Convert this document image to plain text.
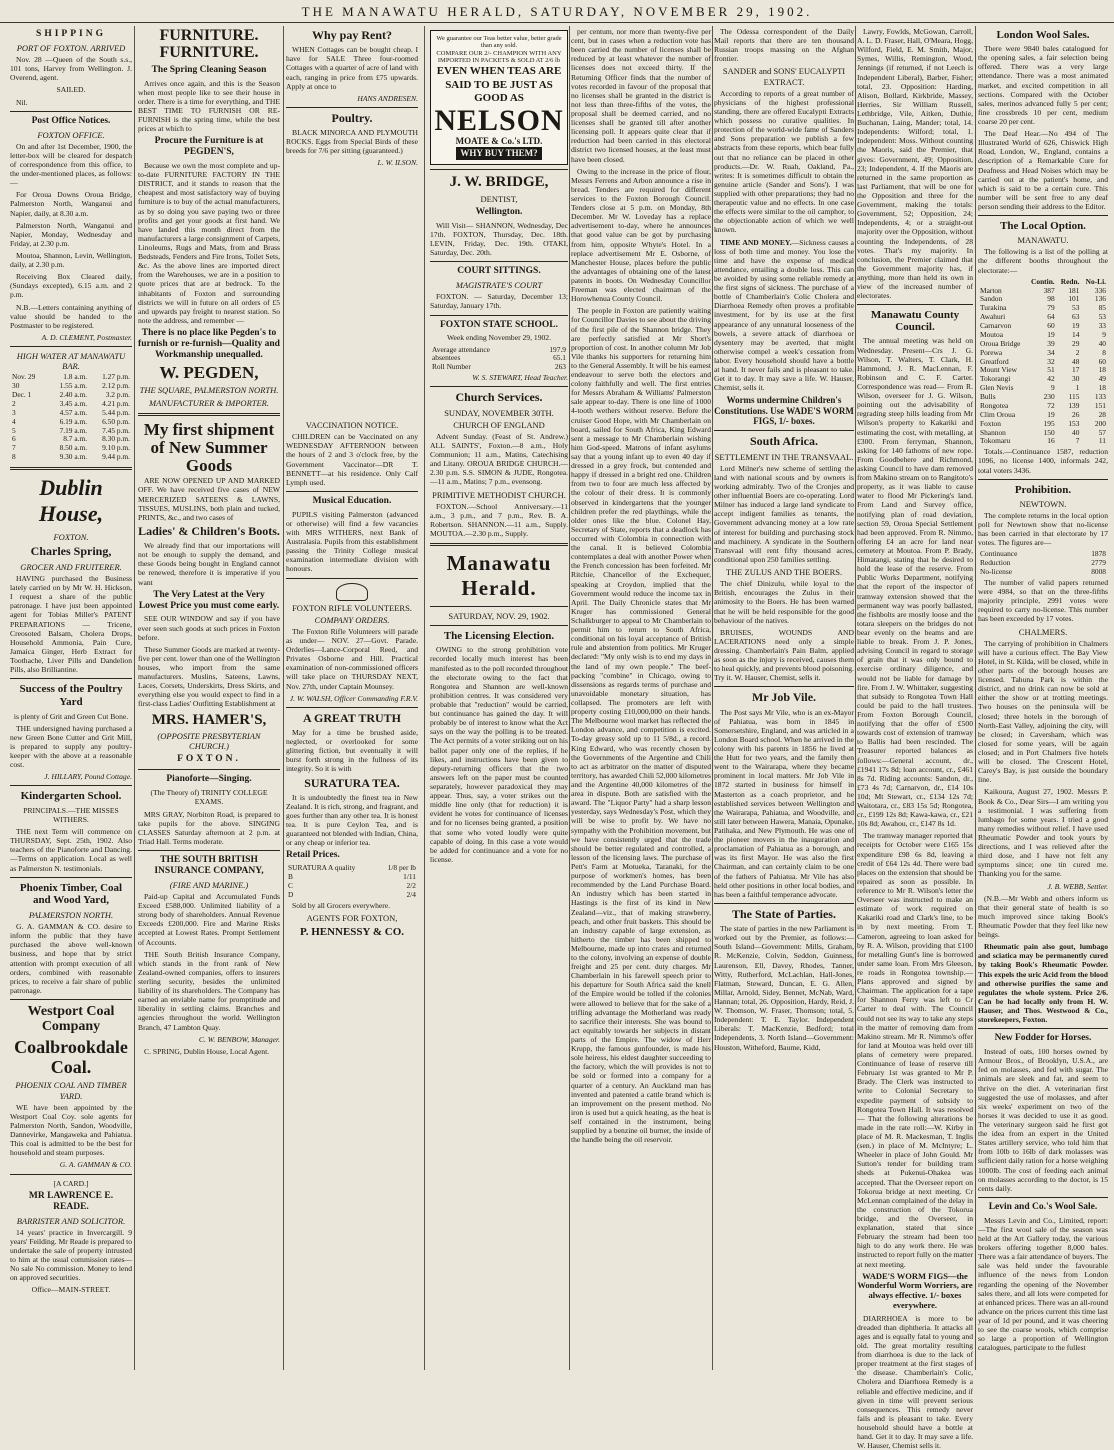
THE MANAWATU HERALD, SATURDAY, NOVEMBER 29, 1902.
SHIPPING
PORT OF FOXTON. ARRIVED

Nov. 28 —Queen of the South s.s., 101 tons, Harvey from Wellington. J. Overend, agent.

SAILED.

Nil.

Post Office Notices.
FOXTON OFFICE.

On and after 1st December, 1900, the letter-box will be cleared for despatch of correspondence from this office, to the under-mentioned places, as follows:—

For Oroua Downs Oroua Bridge, Palmerston North, Wanganui and Napier, daily, at 8.30 a.m.

Palmerston North, Wanganui and Napier, Monday, Wednesday and Friday, at 2.30 p.m.

Moutoa, Shannon, Levin, Wellington, daily, at 2.30 p.m.

Receiving Box Cleared daily, (Sundays excepted), 6.15 a.m. and 2 p.m.

N.B.—Letters containing anything of value should be handed to the Postmaster to be registered.

A. D. CLEMENT, Postmaster.
HIGH WATER AT MANAWATU BAR.
Nov. 29	1.8 a.m.	1.27 p.m.
30	1.55 a.m.	2.12 p.m.
Dec. 1	2.40 a.m.	3.2 p.m.
2	3.45 a.m.	4.21 p.m.
3	4.57 a.m.	5.44 p.m.
4	6.19 a.m.	6.50 p.m.
5	7.19 a.m.	7.45 p.m.
6	8.7 a.m.	8.30 p.m.
7	8.50 a.m.	9.10 p.m.
8	9.30 a.m.	9.44 p.m.
Dublin House,
FOXTON.
Charles Spring,
GROCER AND FRUITERER.

HAVING purchased the Business lately carried on by Mr W. H. Hickson, I request a share of the public patronage. I have just been appointed agent for Tobias Miller's PATENT PREPARATIONS — Tricene, Creosoted Balsam, Cholera Drops, Household Ammonia, Pain Cure, Jamaica Ginger, Herb Extract for Toothache, Liver Pills and Dandelion Pills, also Brilliantine.

Success of the Poultry Yard

is plenty of Grit and Green Cut Bone.

THE undersigned having purchased a new Green Bone Cutter and Grit Mill, is prepared to supply any poultry-keeper with the above at a reasonable cost.

J. HILLARY, Pound Cottage.
Kindergarten School.

PRINCIPALS.—THE MISSES WITHERS.

THE next Term will commence on THURSDAY, Sept. 25th, 1902. Also teachers of the Pianoforte and Dancing.—Terms on application. Local as well as Palmerston N. testimonials.

Phoenix Timber, Coal and Wood Yard,
PALMERSTON NORTH.

G. A. GAMMAN & CO. desire to inform the public that they have purchased the above well-known business, and hope that by strict attention with prompt execution of all orders, combined with reasonable prices, to receive a fair share of public patronage.

Westport Coal Company
Coalbrookdale Coal.
PHOENIX COAL AND TIMBER YARD.

WE have been appointed by the Westport Coal Coy. sole agents for Palmerston North, Sandon, Woodville, Dannevirke, Mangaweka and Pahiatua. This coal is admitted to be the best for household and steam purposes.

G. A. GAMMAN & CO.

[A CARD.]

MR LAWRENCE E. READE.
BARRISTER AND SOLICITOR.

14 years' practice in Invercargill. 9 years' Feilding. Mr Reade is prepared to undertake the sale of property intrusted to him at the usual commission rates—No sale No commission. Money to lend on approved securities.

Office—MAIN-STREET.

FURNITURE. FURNITURE.
The Spring Cleaning Season

Arrives once again, and this is the Season when most people like to see their house in order. There is a time for everything, and THE BEST TIME TO FURNISH OR RE-FURNISH is the spring time, while the best prices at which to

Procure the Furniture is at PEGDEN'S,

Because we own the most complete and up-to-date FURNITURE FACTORY IN THE DISTRICT, and it stands to reason that the cheapest and most satisfactory way of buying furniture is to buy of the actual manufacturers, as by so doing you save paying two or three profits and get your goods at first hand. We have landed this month direct from the manufacturers a large consignment of Carpets, Linoleums, Rugs and Mats, from and Brass Bedsteads, Fenders and Fire Irons, Toilet Sets, &c. As the above lines are imported direct from the Warehouses, we are in a position to quote prices that are at bedrock. To the inhabitants of Foxton and surrounding districts we will in future on all orders of £5 and upwards pay freight to nearest station. So note the address, and remember —

There is no place like Pegden's to furnish or re-furnish—Quality and Workmanship unequalled.
W. PEGDEN,
THE SQUARE, PALMERSTON NORTH.
MANUFACTURER & IMPORTER.
My first shipment of New Summer Goods

ARE NOW OPENED UP AND MARKED OFF. We have received five cases of NEW MERCERIZED SATEENS & LAWNS, TISSUES, MUSLINS, both plain and tucked, PRINTS, &c., and two cases of

Ladies' & Children's Boots.

We already find that our importations will not be enough to supply the demand, and these Goods being bought in England cannot be renewed, therefore it is imperative if you want

The Very Latest at the Very Lowest Price you must come early.

SEE OUR WINDOW and say if you have ever seen such goods at such prices in Foxton before.

These Summer Goods are marked at twenty-five per cent. lower than one of the Wellington houses, who import from the same manufacturers. Muslins, Sateens, Lawns, Laces, Corsets, Underskirts, Dress Skirts, and everything else you would expect to find in a first-class Ladies' Outfitting Establishment at

MRS. HAMER'S,
(OPPOSITE PRESBYTERIAN CHURCH.)
FOXTON.
Pianoforte—Singing.

(The Theory of) TRINITY COLLEGE EXAMS.

MRS GRAY, Norbiton Road, is prepared to take pupils for the above. SINGING CLASSES Saturday afternoon at 2 p.m. at Triad Hall. Terms moderate.

THE SOUTH BRITISH INSURANCE COMPANY,
(FIRE AND MARINE.)

Paid-up Capital and Accumulated Funds Exceed £588,000. Unlimited liability of a strong body of shareholders. Annual Revenue Exceeds £200,000. Fire and Marine Risks accepted at Lowest Rates. Prompt Settlement of Accounts.

THE South British Insurance Company, which stands in the front rank of New Zealand-owned companies, offers to insurers sterling security, besides the unlimited liability of its shareholders. The Company has earned an enviable name for promptitude and liberality in settling claims. Branches and agencies throughout the world. Wellington Branch, 47 Lambton Quay.

C. W. BENBOW, Manager.

C. SPRING, Dublin House, Local Agent.

VACCINATION NOTICE.

CHILDREN can be Vaccinated on any WEDNESDAY AFTERNOON between the hours of 2 and 3 o'clock free, by the Government Vaccinator—DR T. BENNETT—at his residence. Only Calf Lymph used.

Musical Education.

PUPILS visiting Palmerston (advanced or otherwise) will find a few vacancies with MRS WITHERS, next Bank of Australasia. Pupils from this establishment passing the Trinity College musical examination intermediate division with honours.

FOXTON RIFLE VOLUNTEERS.
COMPANY ORDERS.

The Foxton Rifle Volunteers will parade as under— NOV. 27—Govt. Parade. Orderlies—Lance-Corporal Reed, and Privates Osborne and Hill. Practical examination of non-commissioned officers will take place on THURSDAY NEXT, Nov. 27th, under Captain Mounsey.

J. W. WALSH, Officer Commanding F.R.V.
A GREAT TRUTH

May for a time be brushed aside, neglected, or overlooked for some glittering fiction, but eventually it will burst forth strong in the fullness of its integrity. So it is with

SURATURA TEA.

It is undoubtedly the finest tea in New Zealand. It is rich, strong, and fragrant, and goes further than any other tea. It is honest tea. It is pure Ceylon Tea, and is guaranteed not blended with Indian, China, or any cheap or inferior tea.

Retail Prices.
SURATURA A quality	1/8 per lb
B	1/11
C	2/2
D	2/4

Sold by all Grocers everywhere.

AGENTS FOR FOXTON,
P. HENNESSY & CO.
We guarantee our Teas better value, better grade than any sold.
COMPARE OUR 2/- CHAMPION WITH ANY IMPORTED IN PACKETS & SOLD AT 2/6 lb
EVEN WHEN TEAS ARE SAID TO BE JUST AS GOOD AS
NELSON
MOATE & Co.'s LTD.
WHY BUY THEM?
J. W. BRIDGE,
DENTIST,
Wellington.

Will Visit— SHANNON, Wednesday, Dec 17th. FOXTON, Thursday, Dec. 18th. LEVIN, Friday, Dec. 19th. OTAKI, Saturday, Dec. 20th.

COURT SITTINGS.
MAGISTRATE'S COURT

FOXTON. — Saturday, December 13; Saturday, January 17th.

FOXTON STATE SCHOOL.

Week ending November 29, 1902.

Average attendance	197.9
absentees	65.1
Roll Number	263
W. S. STEWART, Head Teacher.
Church Services.
SUNDAY, NOVEMBER 30TH.
CHURCH OF ENGLAND

Advent Sunday. (Feast of St. Andrew.) ALL SAINTS', Foxton.—8 a.m., Holy Communion; 11 a.m., Matins, Catechising and Litany. OROUA BRIDGE CHURCH.—2.30 p.m. S.S. SIMON & JUDE, Rongotea.—11 a.m., Matins; 7 p.m., evensong.

PRIMITIVE METHODIST CHURCH.

FOXTON.—School Anniversary.—11 a.m., 3 p.m., and 7 p.m., Rev. B. A. Robertson. SHANNON.—11 a.m., Supply. MOUTOA.—2.30 p.m., Supply.

Manawatu Herald.
SATURDAY, NOV. 29, 1902.
The Licensing Election.

OWING to the strong prohibition vote recorded locally much interest has been manifested as to the poll recorded throughout the electorate owing to the fact that Rongotea and Shannon are well-known prohibition centres. It was considered very probable that "reduction" would be carried, but continuance has gained the day. It will probably be of interest to know what the Act says on the way the polling is to be treated. The Act permits of a voter striking out on his ballot paper only one of the replies, if he likes, and instructions have been given to deputy-returning officers that the two answers left on the paper must be counted separately, however paradoxical they may appear. Thus, say, a voter strikes out the middle line only (that for reduction) it is evident he votes for continuance of licenses and for no licenses being granted, a position that some who voted loudly were quite capable of doing. In this case a vote would be added for continuance and a vote for no license.

per centum, nor more than twenty-five per cent, but in cases when a reduction vote has been carried the number of licenses shall be reduced by at least whatever the number of licenses does not exceed thirty. If the Returning Officer finds that the number of votes recorded in favour of the proposal that no licenses shall be granted in the district is not less than three-fifths of the votes, the proposal shall be deemed carried, and no licenses shall be granted till after another licensing poll. It appears quite clear that if reduction had been carried in this electoral district two licensed houses, at the least must have been closed.

Owing to the increase in the price of flour, Messrs Ferrens and Arbon announce a rise in bread. Tenders are required for different services to the Foxton Borough Council. Tenders close at 5 p.m. on Monday, 8th December. Mr W. Loveday has a replace advertisement to-day, where he announces that good value can be got by purchasing from him, opposite Whyte's Hotel. In a replace advertisement Mr E. Osborne, of Manchester House, places before the public the advantages of obtaining one of the latest patents in boots. On Wednesday Councillor Freeman was elected chairman of the Horowhenua County Council.

The people in Foxton are patiently waiting for Councillor Davies to see about the driving of the first pile of the Shannon bridge. They are perfectly satisfied at Mr Short's proportion of cost. In another column Mr Job Vile thanks his supporters for returning him to the General Assembly. It will be his earnest endeavour to serve both the electors and colony faithfully and well. The first entries for Messrs Abraham & Williams' Palmerston sale appear to-day. There is one line of 1000 4-tooth wethers without reserve. Before the cruiser Good Hope, with Mr Chamberlain on board, sailed for South Africa, King Edward sent a message to Mr Chamberlain wishing him God-speed. Matrons of infant asylums say that a young infant up to even 40 day if dressed in a grey frock, but contended and happy if dressed in a bright red one. Children from two to four are much less affected by the colour of their dress. It is commonly observed in kindergartens that the younger children prefer the red playthings, while the older ones like the blue. Colonel Hay, Secretary of State, reports that a deadlock has occurred with Colombia in connection with the canal. It is believed Colombia contemplates a deal with another Power when the French concession has been forfeited. Mr Ritchie, Chancellor of the Exchequer, speaking at Croydon, implied that the Government would reduce the income tax in April. The Daily Chronicle states that Mr Kruger has commissioned General Schalkburger to appeal to Mr Chamberlain to permit him to return to South Africa, conditional on his loyal acceptance of British rule and abstention from politics. Mr Kruger declared: "My only wish is to end my days in the land of my own people." The beef-packing "combine" in Chicago, owing to dissensions as regards terms of purchase and unavoidable monetary situation, has collapsed. The promoters are left with property costing £10,000,000 on their hands. The Melbourne wool market has reflected the London advance, and competition is excited. To-day greasy sold up to 11 5/8d., a record. King Edward, who was recently chosen by the Governments of the Argentine and Chili to act as arbitrator on the matter of disputed territory, has awarded Chili 52,000 kilometres and the Argentine 40,000 kilometres of the area in dispute. Both are satisfied with the award. The "Liquor Party" had a sharp lesson yesterday, says Wednesday's Post, which they will be wise to profit by. We have no sympathy with the Prohibition movement, but we have consistently urged that the trade should be better regulated and controlled, a lesson of the licensing laws. The purchase of Pett's Farm at Motueka, Taranaki, for the purpose of workmen's homes, has been recommended by the Land Purchase Board. An industry which has been started in Hastings is the first of its kind in New Zealand—viz., that of making strawberry, peach, and other fruit baskets. This should be an industry capable of large extension, as hitherto the timber has been shipped to Melbourne, made up into crates and returned to the colony, involving an expense of double freight and 25 per cent. duty charges. Mr Chamberlain in his farewell speech prior to his departure for South Africa said the knell of the Empire would be tolled if the colonies were allowed to believe that for the sake of a trifling advantage the Motherland was ready to sacrifice their interests. She was bound to act equitably towards her subjects in distant parts of the Empire. The widow of Herr Krupp, the famous gunfounder, is made his sole heiress, his eldest daughter succeeding to the factory, which the will provides is not to be sold or formed into a company for a quarter of a century. An Auckland man has invented and patented a cattle brand which is an improvement on the present method. No iron is used but a quick heating, as the heat is self contained in the instrument, being supplied by a benzine oil burner, the inside of the handle being the oil reservoir.

The Odessa correspondent of the Daily Mail reports that there are ten thousand Russian troops massing on the Afghan frontier.

SANDER and SONS' EUCALYPTI EXTRACT.

According to reports of a great number of physicians of the highest professional standing, there are offered Eucalypti Extracts which possess no curative qualities. In protection of the world-wide fame of Sanders and Sons preparation we publish a few abstracts from these reports, which bear fully out that no reliance can be placed in other products.—Dr. W. Ruah, Oakland, Pa., writes: It is sometimes difficult to obtain the genuine article (Sander and Sons'). I was supplied with other preparations; they had no therapeutic value and no effects. In one case the effects were similar to the oil camphor, to the objectionable action of which we well known.

TIME AND MONEY.—Sickness causes a loss of both time and money. You lose the time and have the expense of medical attendance, entailing a double loss. This can be avoided by using some reliable remedy at the first signs of sickness. The purchase of a bottle of Chamberlain's Colic Cholera and Diarrhoea Remedy often proves a profitable investment, for by its use at the first appearance of any unnatural looseness of the bowels, a severe attack of diarrhoea or dysentery may be averted, that might otherwise compel a week's cessation from labor. Every household should have a bottle at hand. It never fails and is pleasant to take. Get it to day. It may save a life. W. Hauser, Chemist, sells it.

Worms undermine Children's Constitutions. Use WADE'S WORM FIGS, 1/- boxes.
South Africa.
SETTLEMENT IN THE TRANSVAAL.

Lord Milner's new scheme of settling the land with national scouts and by owners is working admirably. Two of the Cronjes and other influential Boers are co-operating. Lord Milner has induced a large land syndicate to accept indigent families as tenants, the Government advancing money at a low rate of interest for building and purchasing stock and machinery. A syndicate in the Southern Transvaal will rent fifty thousand acres, conditional upon 250 families settling.

THE ZULUS AND THE BOERS.

The chief Dinizulu, while loyal to the British, encourages the Zulus in their animosity to the Boers. He has been warned that he will be held responsible for the good behaviour of the natives.

BRUISES, WOUNDS AND LACERATIONS need only a simple dressing. Chamberlain's Pain Balm, applied as soon as the injury is received, causes them to heal quickly, and prevents blood poisoning. Try it. W. Hauser, Chemist, sells it.

Mr Job Vile.

The Post says Mr Vile, who is an ex-Mayor of Pahiatua, was born in 1845 in Somersetshire, England, and was articled in a London Board school. When he arrived in the colony with his parents in 1856 he lived at the Hutt for two years, and the family then went to the Wairarapa, where they became prominent in local matters. Mr Job Vile in 1872 started in business for himself in Masterton as a coach proprietor, and he established services between Wellington and the Wairarapa, Pahiatua, and Woodville, and still later between Hawera, Manaia, Opunake, Patihaka, and New Plymouth. He was one of the pioneer movers in the inauguration and proclamation of Pahiatua as a borough, and was its first Mayor. He was also the first Chairman, and can certainly claim to be one of the fathers of Pahiatua. Mr Vile has also held other positions in other local bodies, and has been a faithful temperance advocate.

The State of Parties.

The state of parties in the new Parliament is worked out by the Premier, as follows:— South Island—Government: Mills, Graham, R. McKenzie, Colvin, Seddon, Guinness, Laurenson, Ell, Davey, Rhodes, Tanner, Witty, Rutherford, McLachlan, Hall-Jones, Flatman, Steward, Duncan, E. G. Allen, Millar, Arnold, Sidey, Bennet, McNab, Ward, Hannan; total, 26. Opposition, Hardy, Reid, J. W. Thomson, W. Fraser, Thomson; total, 5. Independent: T. E. Taylor. Independent Liberals: T. MacKenzie, Bedford; total Independents, 3. North Island—Government: Houston, Witheford, Baume, Kidd,

Lawry, Fowlds, McGowan, Carroll, A. L. D. Fraser, Hall, O'Meara, Hogg, Wilford, Field, E. M. Smith, Major, Symes, Willis, Remington, Wood, Jennings (if returned, if not Leech is Independent Liberal), Barber, Fisher; total, 23. Opposition: Harding, Alison, Bollard, Kirkbride, Massey, Herries, Sir William Russell, Lethbridge, Vile, Aitken, Duthie, Buchanan, Laing, Mander; total, 14. Independents: Wilford; total, 1. Independent: Moss. Without counting the Maoris, said the Premier, that gives: Government, 49; Opposition, 23; Independent, 4. If the Maoris are returned in the same proportion as last Parliament, that will be one for the Opposition and three for the Government, making the totals: Government, 52; Opposition, 24; Independents, 4; or a straight-out majority over the Opposition, without counting the Independents, of 28 votes. That's my majority. In conclusion, the Premier claimed that the Government majority has, if anything, more than held its own in view of the increased number of electorates.

Manawatu County Council.

The annual meeting was held on Wednesday. Present—Crs J. G. Wilson, T. Walters, T. Clark, H. Hammond, J. R. MacLennan, F. Robinson and C. F. Carter. Correspondence was read— From R. Wilson, overseer for J. G. Wilson, pointing out the advisability of regrading steep hills leading from Mr Wilson's property to Kakariki and estimating the cost, with metalling, at £300. From ferryman, Shannon, asking for 140 fathoms of new rope. From Goodbehere and Richmond, asking Council to have dam removed from Makino stream on to Rangitoto's property, as it was liable to cause water to flood Mr Pickering's land. From Land and Survey office, notifying plan of road deviation, section 59, Oroua Special Settlement had been approved. From R. Nimmo, offering £4 an acre for land near cemetery at Moutoa. From P. Brady, Himatangi, stating that he desired to hold the lease of the reserve. From Public Works Department, notifying that the report of the inspector of tramway extension showed that the permanent way was poorly ballasted, the fishbolts are mostly loose and the totara sleepers on the bridges do not bear evenly on the beams and are liable to break. From J. P. Jones, advising Council in regard to storage of grain that it was only bound to exercise ordinary diligence, and would not be liable for damage by fire. From J. W. Whittaker, suggesting that subsidy to Rongotea Town Hall could be paid to the hall trustees. From Foxton Borough Council, notifying that the offer of £500 towards cost of extension of tramway to Ballis had been rescinded. The Treasurer reported balances as follows:—General account, dr., £1941 17s 8d; loan account, cr., £461 8s 7d. Riding accounts: Sandon, dr., £73 4s 7d; Carnarvon, dr., £14 10s 10d; Mt Stewart, cr., £134 12s 7d; Waitotara, cr., £83 15s 5d; Rongotea, cr., £199 12s 8d; Kawa-kawa, cr., £21 10s 8d; Awahou, cr., £147 8s 1d.

The tramway manager reported that receipts for October were £165 15s expenditure £98 6s 8d, leaving a credit of £64 12s 4d. There were bad places on the extension that should be repaired as soon as possible. In reference to Mr R. Wilson's letter the Overseer was instructed to make an estimate of work required on Kakariki road and Clark's line, to be in by next meeting. From T. Cameron, agreeing to loan asked for by R. A. Wilson, providing that £100 for metalling Gunt's line is borrowed under same loan. From Mrs Gleeson, re roads in Rongotea township.—Plans approved and signed by Chairman. The application for a tape for Shannon Ferry was left to Cr Carter to deal with. The Council could not see its way to take any steps in the matter of removing dam from Makino stream. Mr R. Nimmo's offer for land at Moutoa was held over till plans of cemetery were prepared. Continuance of lease of reserve till February 1st was granted to Mr P. Brady. The Clerk was instructed to write to Colonial Secretary to expedite payment of subsidy to Rongotea Town Hall. It was resolved— That the following alterations be made in the rate roll:—W. Kirby in place of M. R. Mackesman, T. Inglis (sen.) in place of M. McIntyre; L. Wheeler in place of John Gould. Mr Sutton's tender for building tram sheds at Pukenui-Ohakea was accepted. That the Overseer report on Tokorua bridge at next meeting. Cr McLennan complained of the delay in the construction of the Tokorua bridge, and the Overseer, in explanation, stated that since February the stream had been too high to do any work there. He was instructed to report fully on the matter at next meeting.

WADE'S WORM FIGS—the Wonderful Worm Worriers, are always effective. 1/- boxes everywhere.

DIARRHOEA is more to be dreaded than diphtheria. It attacks all ages and is equally fatal to young and old. The great mortality resulting from diarrhoea is due to the lack of proper treatment at the first stages of the disease. Chamberlain's Colic, Cholera and Diarrhoea Remedy is a reliable and effective medicine, and if given in time will prevent serious consequences. This remedy never fails and is pleasant to take. Every household should have a bottle at hand. Get it to day. It may save a life. W. Hauser, Chemist sells it.

London Wool Sales.

There were 9840 bales catalogued for the opening sales, a fair selection being offered. There was a very large attendance. There was a most animated market, and excited competition in all sections. Compared with the October sales, merinos advanced fully 5 per cent; fine crossbreds 10 per cent, medium coarse 20 per cent.

The Deaf Hear.—No 494 of The Illustrated World of 626, Chiswick High Road, London, W., England, contains a description of a Remarkable Cure for Deafness and Head Noises which may be carried out at the patient's home, and which is said to be a certain cure. This number will be sent free to any deaf person sending their address to the Editor.

The Local Option.
MANAWATU.

The following is a list of the polling at the different booths throughout the electorate:—

	Contin.	Redn.	No-Li.
Marton	387	181	336
Sandon	98	101	136
Turakina	79	53	85
Awahuri	64	63	53
Carnarvon	60	19	33
Moutoa	19	14	9
Oroua Bridge	39	29	40
Porewa	34	2	8
Greatford	32	48	60
Mount View	51	17	18
Tokorangi	42	30	49
Glen Nevis	9	1	18
Bulls	230	115	133
Rongotea	72	139	151
Clim Oroua	19	26	28
Foxton	195	153	200
Shannon	150	40	57
Tokomaru	16	7	11

Totals.—Continuance 1587, reduction 1096, no license 1400, informals 242, total voters 3436.

Prohibition.
NEWTOWN.

The complete returns in the local option poll for Newtown show that no-license has been carried in that electorate by 17 votes. The figures are—

Continuance	1878
Reduction	2779
No-license	8008

The number of valid papers returned were 4984, so that on the three-fifths majority principle, 2991 votes were required to carry no-license. This number has been exceeded by 17 votes.

CHALMERS.

The carrying of prohibition in Chalmers will have a curious effect. The Bay View Hotel, in St. Kilda, will be closed, while in other parts of the borough houses are licensed. Tahuna Park is within the district, and no drink can now be sold at either the show or at trotting meetings. Two houses on the peninsula will be closed; three hotels in the borough of North-East Valley, adjoining the city, will be closed; in Caversham, which was closed for some years, will be again closed; and in Port Chalmers five hotels will be closed. The Crescent Hotel, Carey's Bay, is just outside the boundary line.

Kaikoura, August 27, 1902. Messrs P. Book & Co., Dear Sirs—I am writing you a testimonial. I was suffering from lumbago for some years. I tried a good many remedies without relief. I have used Rheumatic Powder and took yours by directions, and I was relieved after the third dose, and I have not felt any symptoms since; one tin cured me. Thanking you for the same.

J. B. WEBB, Settler.

(N.B.—Mr Webb and others inform us that their general state of health is so much improved since taking Book's Rheumatic Powder that they feel like new beings.

Rheumatic pain also gout, lumbago and sciatica may be permanently cured by taking Book's Rheumatic Powder. This expels the uric Acid from the blood and otherwise purifies the same and regulates the whole system. Price 2/6. Can be had locally only from H. W. Hauser, and Thos. Westwood & Co., storekeepers, Foxton.

New Fodder for Horses.

Instead of oats, 100 horses owned by Armour Bros., of Brooklyn, U.S.A., are fed on molasses, and fed with sugar. The animals are sleek and fat, and seem to thrive on the diet. A veterinarian first suggested the use of molasses, and after six weeks' experiment on two of the horses it was decided to use it as good. The veterinary surgeon said he first got the idea from an expert in the United States artillery service, who told him that from 10lb to 16lb of dark molasses was sufficient daily ration for a horse weighing 1000lb. The cost of feeding each animal on molasses according to the doctor, is 15 cents daily.

Levin and Co.'s Wool Sale.

Messrs Levin and Co., Limited, report:—The first wool sale of the season was held at the Art Gallery today, the various brokers offering together 8,000 bales. There was a fair attendance of buyers. The sale was held under the favourable influence of the news from London regarding the opening of the November sales there, and all lots were competed for at enhanced prices. There was an all-round advance on the prices current this time last year of 1d per pound, and it was cheering to see the coarse wools, which comprise so large a proportion of Wellington catalogues, participate to the fullest

Why pay Rent?

WHEN Cottages can be bought cheap. I have for SALE Three four-roomed Cottages with a quarter of acre of land with each, ranging in price from £75 upwards. Apply at once to

HANS ANDRESEN.
Poultry.

BLACK MINORCA AND PLYMOUTH ROCKS. Eggs from Special Birds of these breeds for 7/6 per sitting (guaranteed.)

L. W. ILSON.
